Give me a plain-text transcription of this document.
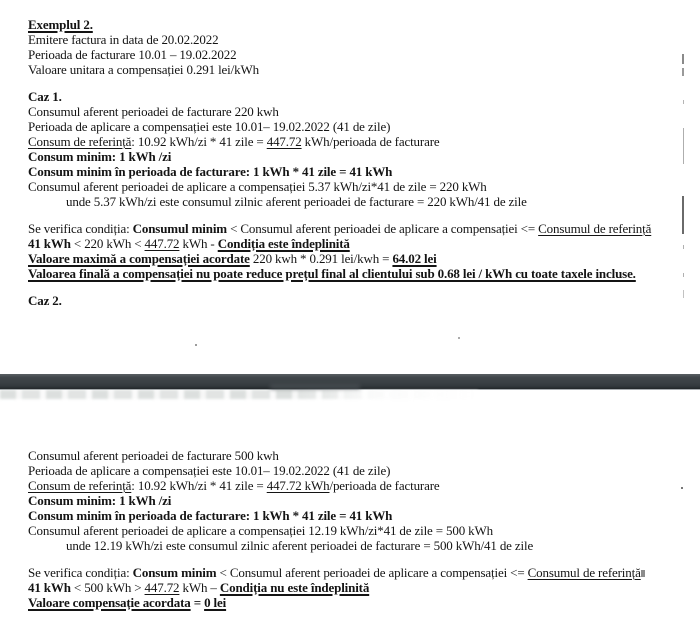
Exemplul 2.
Emitere factura in data de 20.02.2022
Perioada de facturare 10.01 – 19.02.2022
Valoare unitara a compensației 0.291 lei/kWh
Caz 1.
Consumul aferent perioadei de facturare 220 kwh
Perioada de aplicare a compensației este 10.01– 19.02.2022 (41 de zile)
Consum de referință: 10.92 kWh/zi * 41 zile = 447.72 kWh/perioada de facturare
Consum minim: 1 kWh /zi
Consum minim în perioada de facturare: 1 kWh * 41 zile = 41 kWh
Consumul aferent perioadei de aplicare a compensației 5.37 kWh/zi*41 de zile = 220 kWh
unde 5.37 kWh/zi este consumul zilnic aferent perioadei de facturare = 220 kWh/41 de zile
Se verifica condiția: Consumul minim < Consumul aferent perioadei de aplicare a compensației <= Consumul de referință
41 kWh < 220 kWh < 447.72 kWh - Condiția este îndeplinită
Valoare maximă a compensației acordate 220 kwh * 0.291 lei/kwh = 64.02 lei
Valoarea finală a compensației nu poate reduce prețul final al clientului sub 0.68 lei / kWh cu toate taxele incluse.
Caz 2.
Consumul aferent perioadei de facturare 500 kwh
Perioada de aplicare a compensației este 10.01– 19.02.2022 (41 de zile)
Consum de referință: 10.92 kWh/zi * 41 zile = 447.72 kWh/perioada de facturare
Consum minim: 1 kWh /zi
Consum minim în perioada de facturare: 1 kWh * 41 zile = 41 kWh
Consumul aferent perioadei de aplicare a compensației 12.19 kWh/zi*41 de zile = 500 kWh
unde 12.19 kWh/zi este consumul zilnic aferent perioadei de facturare = 500 kWh/41 de zile
Se verifica condiția: Consum minim < Consumul aferent perioadei de aplicare a compensației <= Consumul de referință
41 kWh < 500 kWh > 447.72 kWh – Condiția nu este îndeplinită
Valoare compensație acordata = 0 lei
